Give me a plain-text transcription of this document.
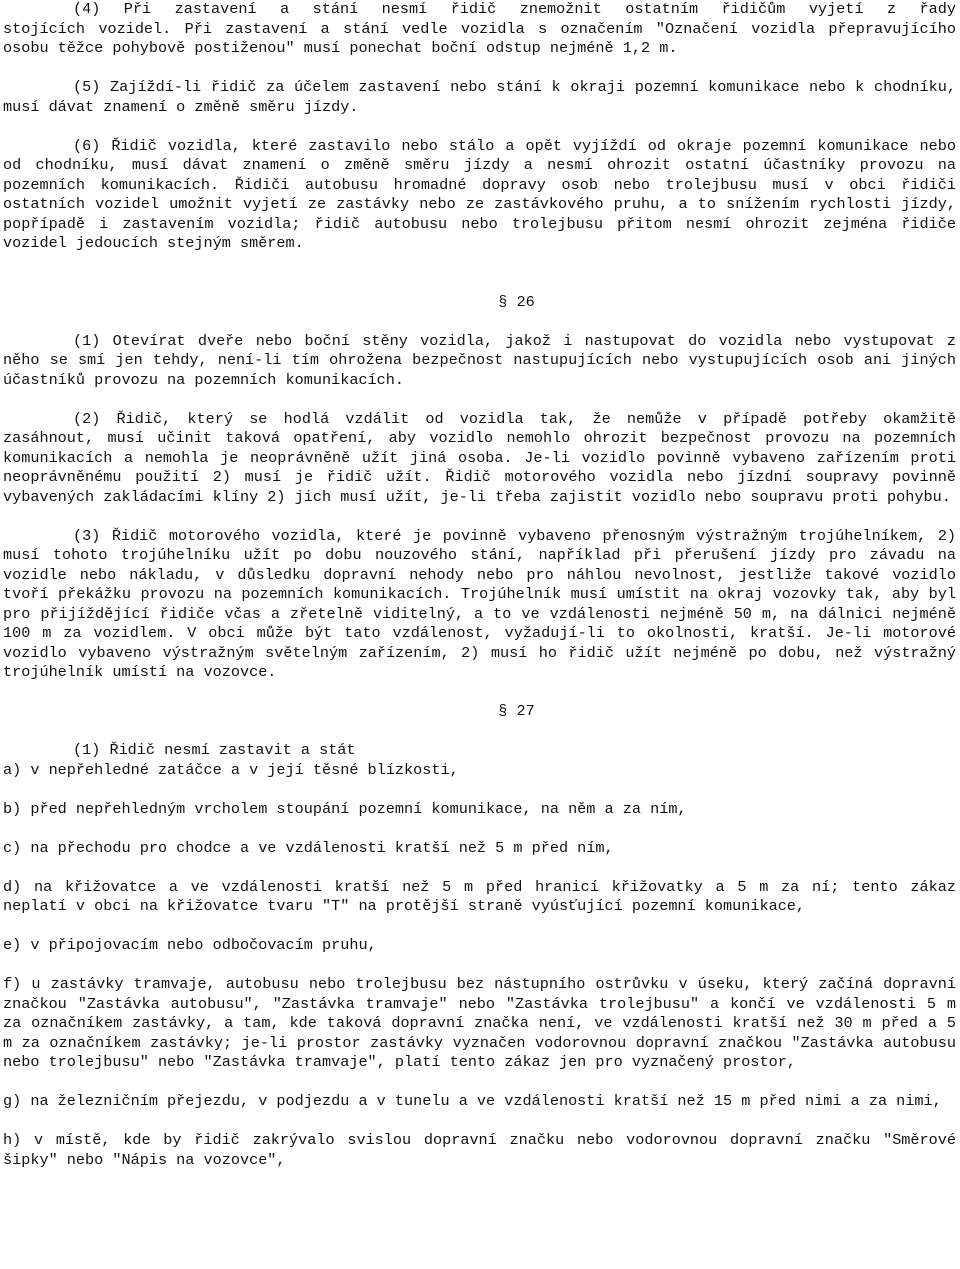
(4) Při zastavení a stání nesmí řidič znemožnit ostatním řidičům vyjetí z řady

stojících vozidel. Při zastavení a stání vedle vozidla s označením "Označení vozidla přepravujícího osobu těžce pohybově postiženou" musí ponechat boční odstup nejméně 1,2 m.

(5) Zajíždí-li řidič za účelem zastavení nebo stání k okraji pozemní komunikace nebo k chodníku, musí dávat znamení o změně směru jízdy.

(6) Řidič vozidla, které zastavilo nebo stálo a opět vyjíždí od okraje pozemní komunikace nebo od chodníku, musí dávat znamení o změně směru jízdy a nesmí ohrozit ostatní účastníky provozu na pozemních komunikacích. Řidiči autobusu hromadné dopravy osob nebo trolejbusu musí v obci řidiči ostatních vozidel umožnit vyjetí ze zastávky nebo ze zastávkového pruhu, a to snížením rychlosti jízdy, popřípadě i zastavením vozidla; řidič autobusu nebo trolejbusu přitom nesmí ohrozit zejména řidiče vozidel jedoucích stejným směrem.

§ 26

(1) Otevírat dveře nebo boční stěny vozidla, jakož i nastupovat do vozidla nebo vystupovat z něho se smí jen tehdy, není-li tím ohrožena bezpečnost nastupujících nebo vystupujících osob ani jiných účastníků provozu na pozemních komunikacích.

(2) Řidič, který se hodlá vzdálit od vozidla tak, že nemůže v případě potřeby okamžitě zasáhnout, musí učinit taková opatření, aby vozidlo nemohlo ohrozit bezpečnost provozu na pozemních komunikacích a nemohla je neoprávněně užít jiná osoba. Je-li vozidlo povinně vybaveno zařízením proti neoprávněnému použití 2) musí je řidič užít. Řidič motorového vozidla nebo jízdní soupravy povinně vybavených zakládacími klíny 2) jich musí užít, je-li třeba zajistit vozidlo nebo soupravu proti pohybu.

(3) Řidič motorového vozidla, které je povinně vybaveno přenosným výstražným trojúhelníkem, 2) musí tohoto trojúhelníku užít po dobu nouzového stání, například při přerušení jízdy pro závadu na vozidle nebo nákladu, v důsledku dopravní nehody nebo pro náhlou nevolnost, jestliže takové vozidlo tvoří překážku provozu na pozemních komunikacích. Trojúhelník musí umístit na okraj vozovky tak, aby byl pro přijíždějící řidiče včas a zřetelně viditelný, a to ve vzdálenosti nejméně 50 m, na dálnici nejméně 100 m za vozidlem. V obci může být tato vzdálenost, vyžadují-li to okolnosti, kratší. Je-li motorové vozidlo vybaveno výstražným světelným zařízením, 2) musí ho řidič užít nejméně po dobu, než výstražný trojúhelník umístí na vozovce.

§ 27

(1) Řidič nesmí zastavit a stát

a) v nepřehledné zatáčce a v její těsné blízkosti,

b) před nepřehledným vrcholem stoupání pozemní komunikace, na něm a za ním,

c) na přechodu pro chodce a ve vzdálenosti kratší než 5 m před ním,

d) na křižovatce a ve vzdálenosti kratší než 5 m před hranicí křižovatky a 5 m za ní; tento zákaz neplatí v obci na křižovatce tvaru "T" na protější straně vyúsťující pozemní komunikace,

e) v připojovacím nebo odbočovacím pruhu,

f) u zastávky tramvaje, autobusu nebo trolejbusu bez nástupního ostrůvku v úseku, který začíná dopravní značkou "Zastávka autobusu", "Zastávka tramvaje" nebo "Zastávka trolejbusu" a končí ve vzdálenosti 5 m za označníkem zastávky, a tam, kde taková dopravní značka není, ve vzdálenosti kratší než 30 m před a 5 m za označníkem zastávky; je-li prostor zastávky vyznačen vodorovnou dopravní značkou "Zastávka autobusu nebo trolejbusu" nebo "Zastávka tramvaje", platí tento zákaz jen pro vyznačený prostor,

g) na železničním přejezdu, v podjezdu a v tunelu a ve vzdálenosti kratší než 15 m před nimi a za nimi,

h) v místě, kde by řidič zakrývalo svislou dopravní značku nebo vodorovnou dopravní značku "Směrové šipky" nebo "Nápis na vozovce",
